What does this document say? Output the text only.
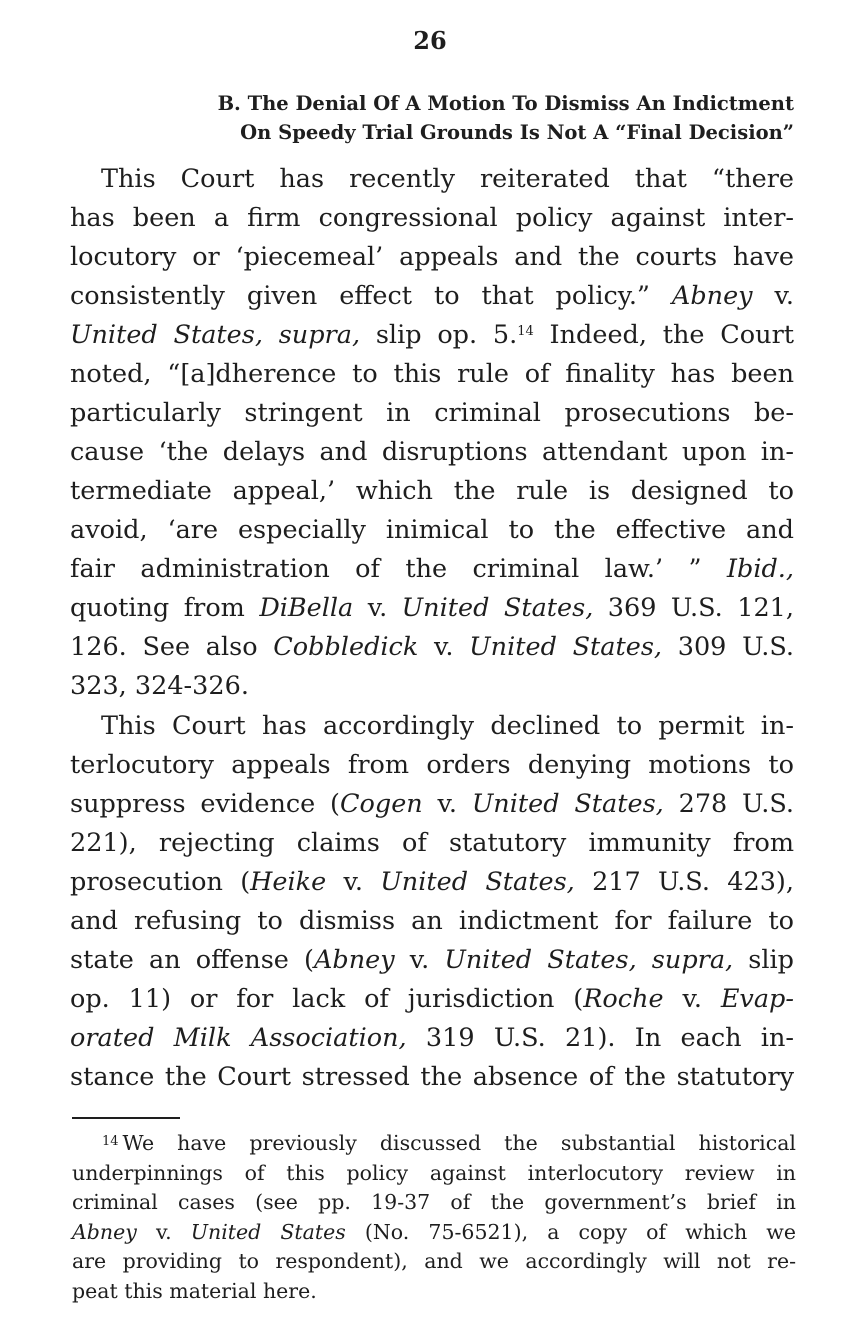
26
B. The Denial Of A Motion To Dismiss An Indictment
On Speedy Trial Grounds Is Not A “Final Decision”
This Court has recently reiterated that “there
has been a firm congressional policy against inter-
locutory or ‘piecemeal’ appeals and the courts have
consistently given effect to that policy.” Abney v.
United States, supra, slip op. 5.14 Indeed, the Court
noted, “[a]dherence to this rule of finality has been
particularly stringent in criminal prosecutions be-
cause ‘the delays and disruptions attendant upon in-
termediate appeal,’ which the rule is designed to
avoid, ‘are especially inimical to the effective and
fair administration of the criminal law.’ ” Ibid.,
quoting from DiBella v. United States, 369 U.S. 121,
126. See also Cobbledick v. United States, 309 U.S.
323, 324-326.
This Court has accordingly declined to permit in-
terlocutory appeals from orders denying motions to
suppress evidence (Cogen v. United States, 278 U.S.
221), rejecting claims of statutory immunity from
prosecution (Heike v. United States, 217 U.S. 423),
and refusing to dismiss an indictment for failure to
state an offense (Abney v. United States, supra, slip
op. 11) or for lack of jurisdiction (Roche v. Evap-
orated Milk Association, 319 U.S. 21). In each in-
stance the Court stressed the absence of the statutory
$^{14}$ We have previously discussed the substantial historical
underpinnings of this policy against interlocutory review in
criminal cases (see pp. 19-37 of the government’s brief in
Abney v. United States (No. 75-6521), a copy of which we
are providing to respondent), and we accordingly will not re-
peat this material here.
